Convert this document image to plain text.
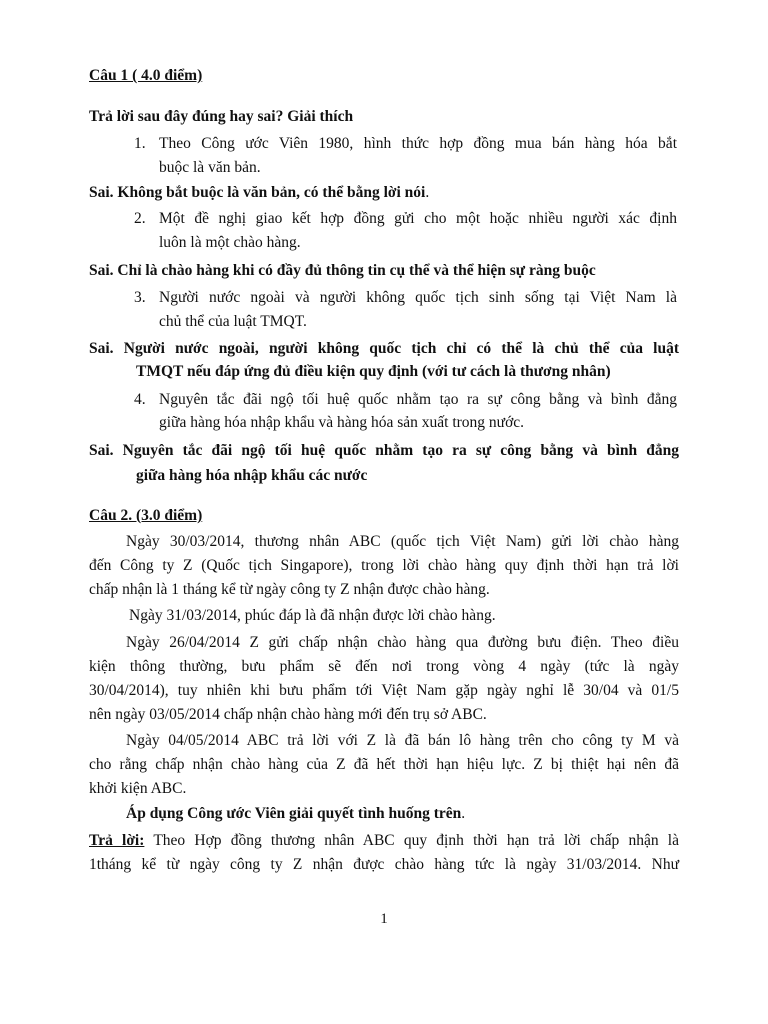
Câu 1 ( 4.0 điểm)

Trả lời sau đây đúng hay sai? Giải thích

1. Theo Công ước Viên 1980, hình thức hợp đồng mua bán hàng hóa bắt

buộc là văn bản.

Sai. Không bắt buộc là văn bản, có thể bằng lời nói.

2. Một đề nghị giao kết hợp đồng gửi cho một hoặc nhiều người xác định

luôn là một chào hàng.

Sai. Chỉ là chào hàng khi có đầy đủ thông tin cụ thể và thể hiện sự ràng buộc

3. Người nước ngoài và người không quốc tịch sinh sống tại Việt Nam là

chủ thể của luật TMQT.

Sai. Người nước ngoài, người không quốc tịch chỉ có thể là chủ thể của luật

TMQT nếu đáp ứng đủ điều kiện quy định (với tư cách là thương nhân)

4. Nguyên tắc đãi ngộ tối huệ quốc nhằm tạo ra sự công bằng và bình đẳng

giữa hàng hóa nhập khẩu và hàng hóa sản xuất trong nước.

Sai. Nguyên tắc đãi ngộ tối huệ quốc nhằm tạo ra sự công bằng và bình đẳng

giữa hàng hóa nhập khẩu các nước

Câu 2. (3.0 điểm)

Ngày 30/03/2014, thương nhân ABC (quốc tịch Việt Nam) gửi lời chào hàng

đến Công ty Z (Quốc tịch Singapore), trong lời chào hàng quy định thời hạn trả lời

chấp nhận là 1 tháng kể từ ngày công ty Z nhận được chào hàng.

Ngày 31/03/2014, phúc đáp là đã nhận được lời chào hàng.

Ngày 26/04/2014 Z gửi chấp nhận chào hàng qua đường bưu điện. Theo điều

kiện thông thường, bưu phẩm sẽ đến nơi trong vòng 4 ngày (tức là ngày

30/04/2014), tuy nhiên khi bưu phẩm tới Việt Nam gặp ngày nghỉ lễ 30/04 và 01/5

nên ngày 03/05/2014 chấp nhận chào hàng mới đến trụ sở ABC.

Ngày 04/05/2014 ABC trả lời với Z là đã bán lô hàng trên cho công ty M và

cho rằng chấp nhận chào hàng của Z đã hết thời hạn hiệu lực. Z bị thiệt hại nên đã

khởi kiện ABC.

Áp dụng Công ước Viên giải quyết tình huống trên.

Trả lời: Theo Hợp đồng thương nhân ABC quy định thời hạn trả lời chấp nhận là

1tháng kể từ ngày công ty Z nhận được chào hàng tức là ngày 31/03/2014. Như

1
